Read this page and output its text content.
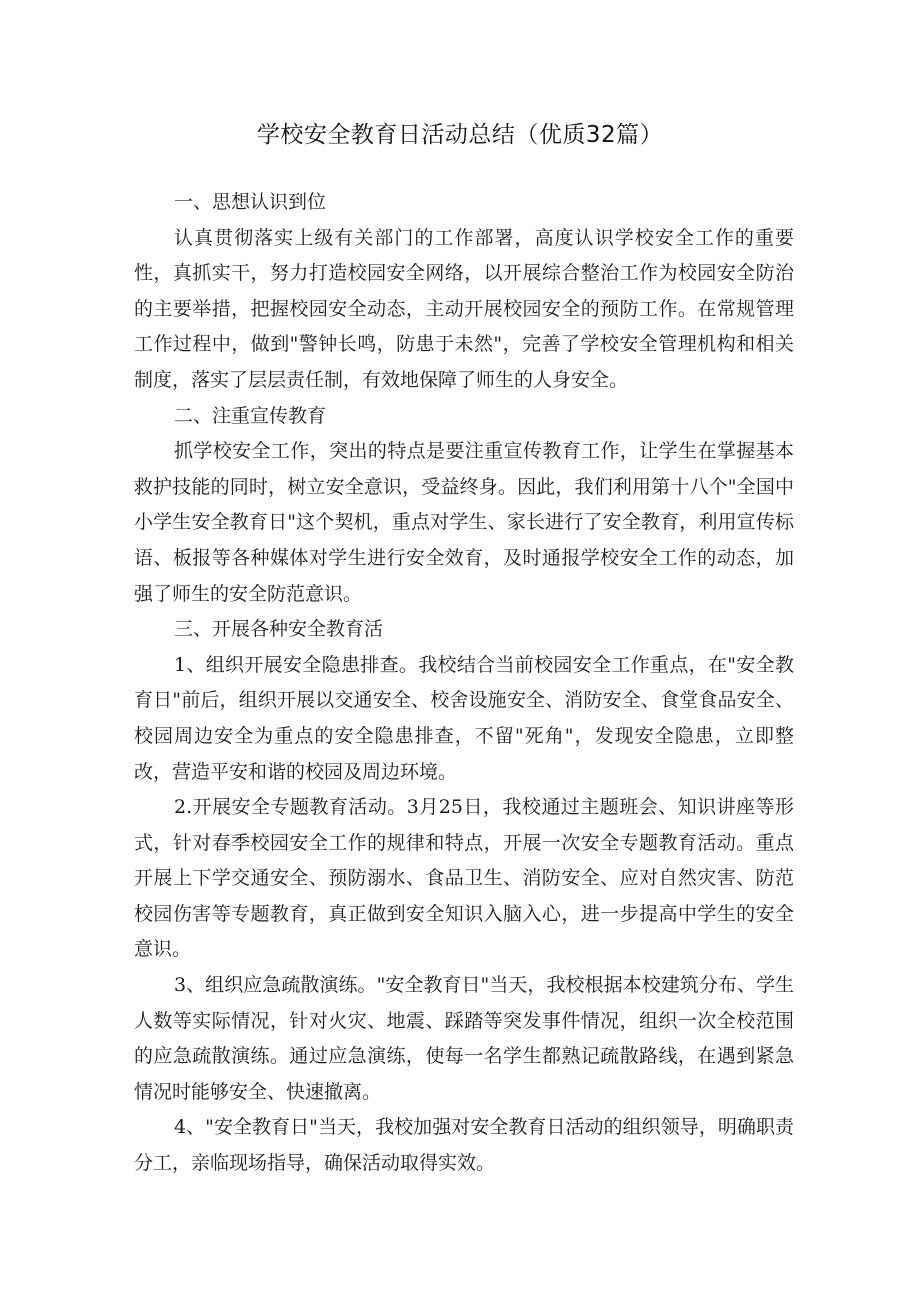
学校安全教育日活动总结（优质32篇）

一、思想认识到位

认真贯彻落实上级有关部门的工作部署，高度认识学校安全工作的重要性，真抓实干，努力打造校园安全网络，以开展综合整治工作为校园安全防治的主要举措，把握校园安全动态，主动开展校园安全的预防工作。在常规管理工作过程中，做到"警钟长鸣，防患于未然"，完善了学校安全管理机构和相关制度，落实了层层责任制，有效地保障了师生的人身安全。

二、注重宣传教育

抓学校安全工作，突出的特点是要注重宣传教育工作，让学生在掌握基本救护技能的同时，树立安全意识，受益终身。因此，我们利用第十八个"全国中小学生安全教育日"这个契机，重点对学生、家长进行了安全教育，利用宣传标语、板报等各种媒体对学生进行安全效育，及时通报学校安全工作的动态，加强了师生的安全防范意识。

三、开展各种安全教育活

1、组织开展安全隐患排查。我校结合当前校园安全工作重点，在"安全教育日"前后，组织开展以交通安全、校舍设施安全、消防安全、食堂食品安全、校园周边安全为重点的安全隐患排查，不留"死角"，发现安全隐患，立即整改，营造平安和谐的校园及周边环境。

2.开展安全专题教育活动。3月25日，我校通过主题班会、知识讲座等形式，针对春季校园安全工作的规律和特点，开展一次安全专题教育活动。重点开展上下学交通安全、预防溺水、食品卫生、消防安全、应对自然灾害、防范校园伤害等专题教育，真正做到安全知识入脑入心，进一步提高中学生的安全意识。

3、组织应急疏散演练。"安全教育日"当天，我校根据本校建筑分布、学生人数等实际情况，针对火灾、地震、踩踏等突发事件情况，组织一次全校范围的应急疏散演练。通过应急演练，使每一名学生都熟记疏散路线，在遇到紧急情况时能够安全、快速撤离。

4、"安全教育日"当天，我校加强对安全教育日活动的组织领导，明确职责分工，亲临现场指导，确保活动取得实效。
